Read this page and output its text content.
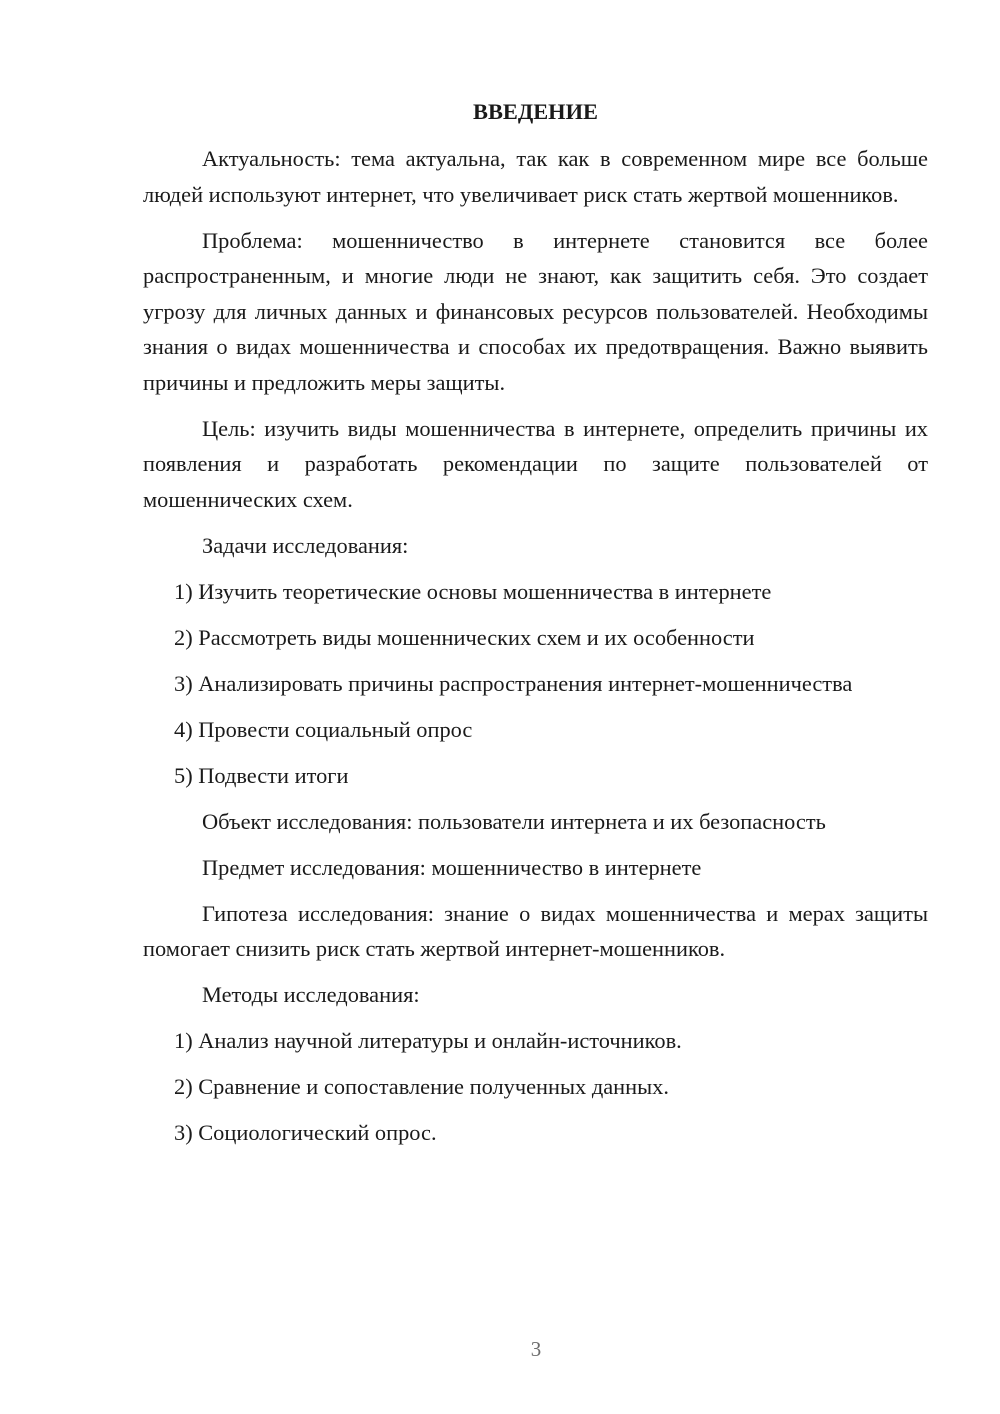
ВВЕДЕНИЕ

Актуальность: тема актуальна, так как в современном мире все больше людей используют интернет, что увеличивает риск стать жертвой мошенников.

Проблема: мошенничество в интернете становится все более распространенным, и многие люди не знают, как защитить себя. Это создает угрозу для личных данных и финансовых ресурсов пользователей. Необходимы знания о видах мошенничества и способах их предотвращения. Важно выявить причины и предложить меры защиты.

Цель: изучить виды мошенничества в интернете, определить причины их появления и разработать рекомендации по защите пользователей от мошеннических схем.

Задачи исследования:

1) Изучить теоретические основы мошенничества в интернете
2) Рассмотреть виды мошеннических схем и их особенности
3) Анализировать причины распространения интернет-мошенничества
4) Провести социальный опрос
5) Подвести итоги

Объект исследования: пользователи интернета и их безопасность

Предмет исследования: мошенничество в интернете

Гипотеза исследования: знание о видах мошенничества и мерах защиты помогает снизить риск стать жертвой интернет-мошенников.

Методы исследования:

1) Анализ научной литературы и онлайн-источников.
2) Сравнение и сопоставление полученных данных.
3) Социологический опрос.
3
